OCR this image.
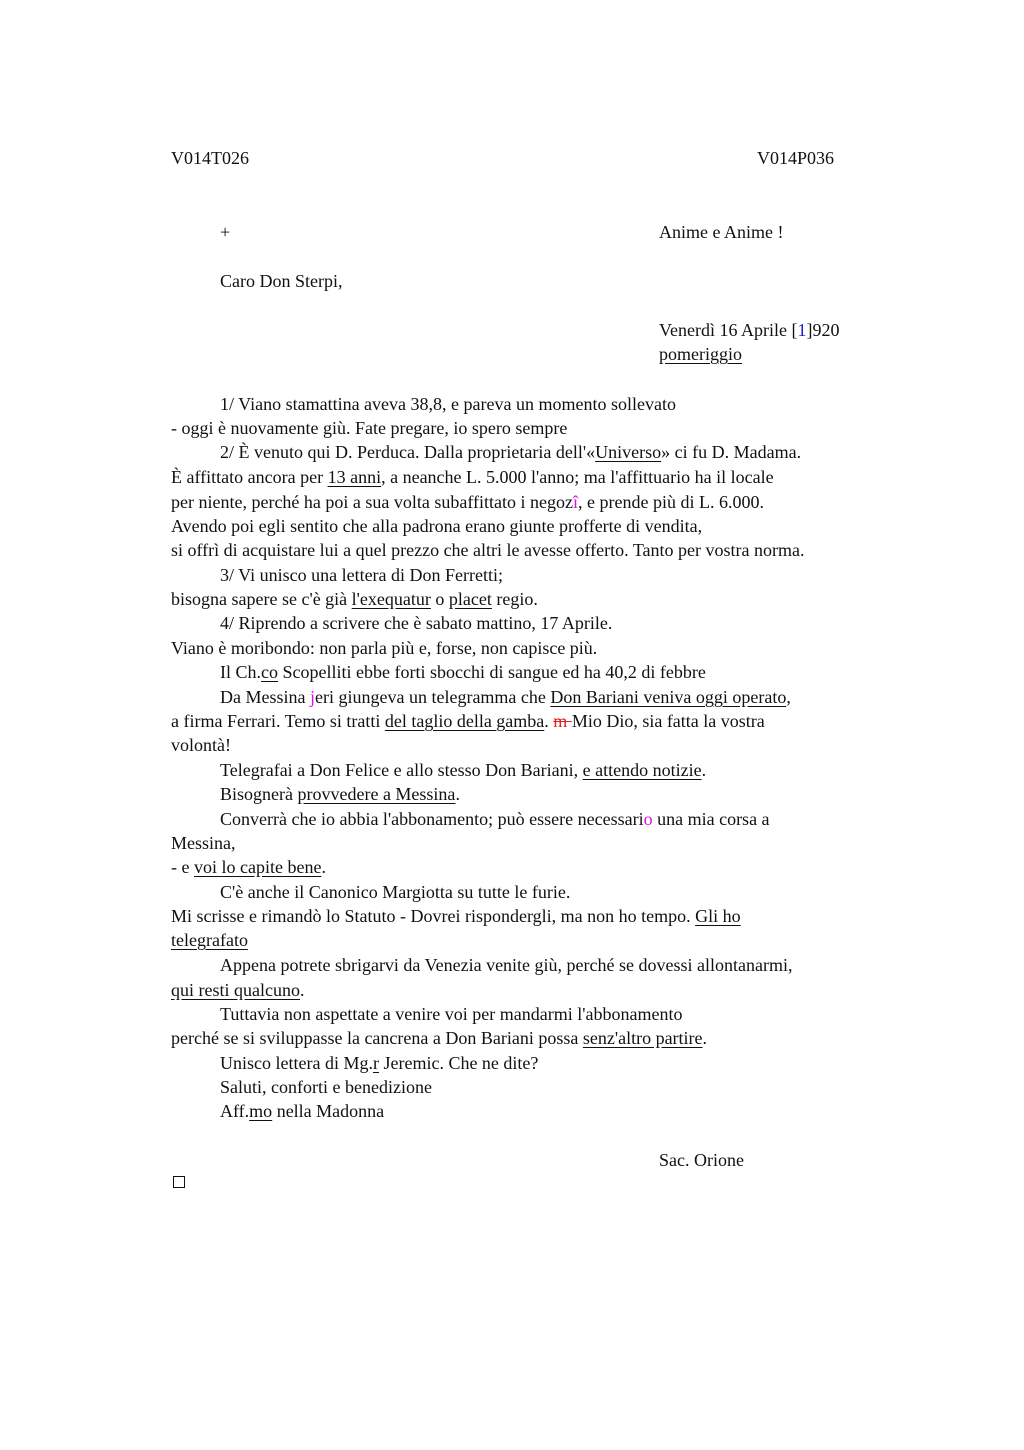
V014T026	V014P036
+	Anime e Anime !
Caro Don Sterpi,
Venerdì 16 Aprile [1]920
pomeriggio
1/ Viano stamattina aveva 38,8, e pareva un momento sollevato
- oggi è nuovamente giù. Fate pregare, io spero sempre
2/ È venuto qui D. Perduca. Dalla proprietaria dell'«Universo» ci fu D. Madama.
È affittato ancora per 13 anni, a neanche L. 5.000 l'anno; ma l'affittuario ha il locale
per niente, perché ha poi a sua volta subaffittato i negozî, e prende più di L. 6.000.
Avendo poi egli sentito che alla padrona erano giunte profferte di vendita,
si offrì di acquistare lui a quel prezzo che altri le avesse offerto. Tanto per vostra norma.
3/ Vi unisco una lettera di Don Ferretti;
bisogna sapere se c'è già l'exequatur o placet regio.
4/ Riprendo a scrivere che è sabato mattino, 17 Aprile.
Viano è moribondo: non parla più e, forse, non capisce più.
Il Ch.co Scopelliti ebbe forti sbocchi di sangue ed ha 40,2 di febbre
Da Messina jeri giungeva un telegramma che Don Bariani veniva oggi operato,
a firma Ferrari. Temo si tratti del taglio della gamba. m Mio Dio, sia fatta la vostra
volontà!
Telegrafai a Don Felice e allo stesso Don Bariani, e attendo notizie.
Bisognerà provvedere a Messina.
Converrà che io abbia l'abbonamento; può essere necessario una mia corsa a
Messina,
- e voi lo capite bene.
C'è anche il Canonico Margiotta su tutte le furie.
Mi scrisse e rimandò lo Statuto - Dovrei rispondergli, ma non ho tempo. Gli ho
telegrafato
Appena potrete sbrigarvi da Venezia venite giù, perché se dovessi allontanarmi,
qui resti qualcuno.
Tuttavia non aspettate a venire voi per mandarmi l'abbonamento
perché se si sviluppasse la cancrena a Don Bariani possa senz'altro partire.
Unisco lettera di Mg.r Jeremic. Che ne dite?
Saluti, conforti e benedizione
Aff.mo nella Madonna
Sac. Orione
